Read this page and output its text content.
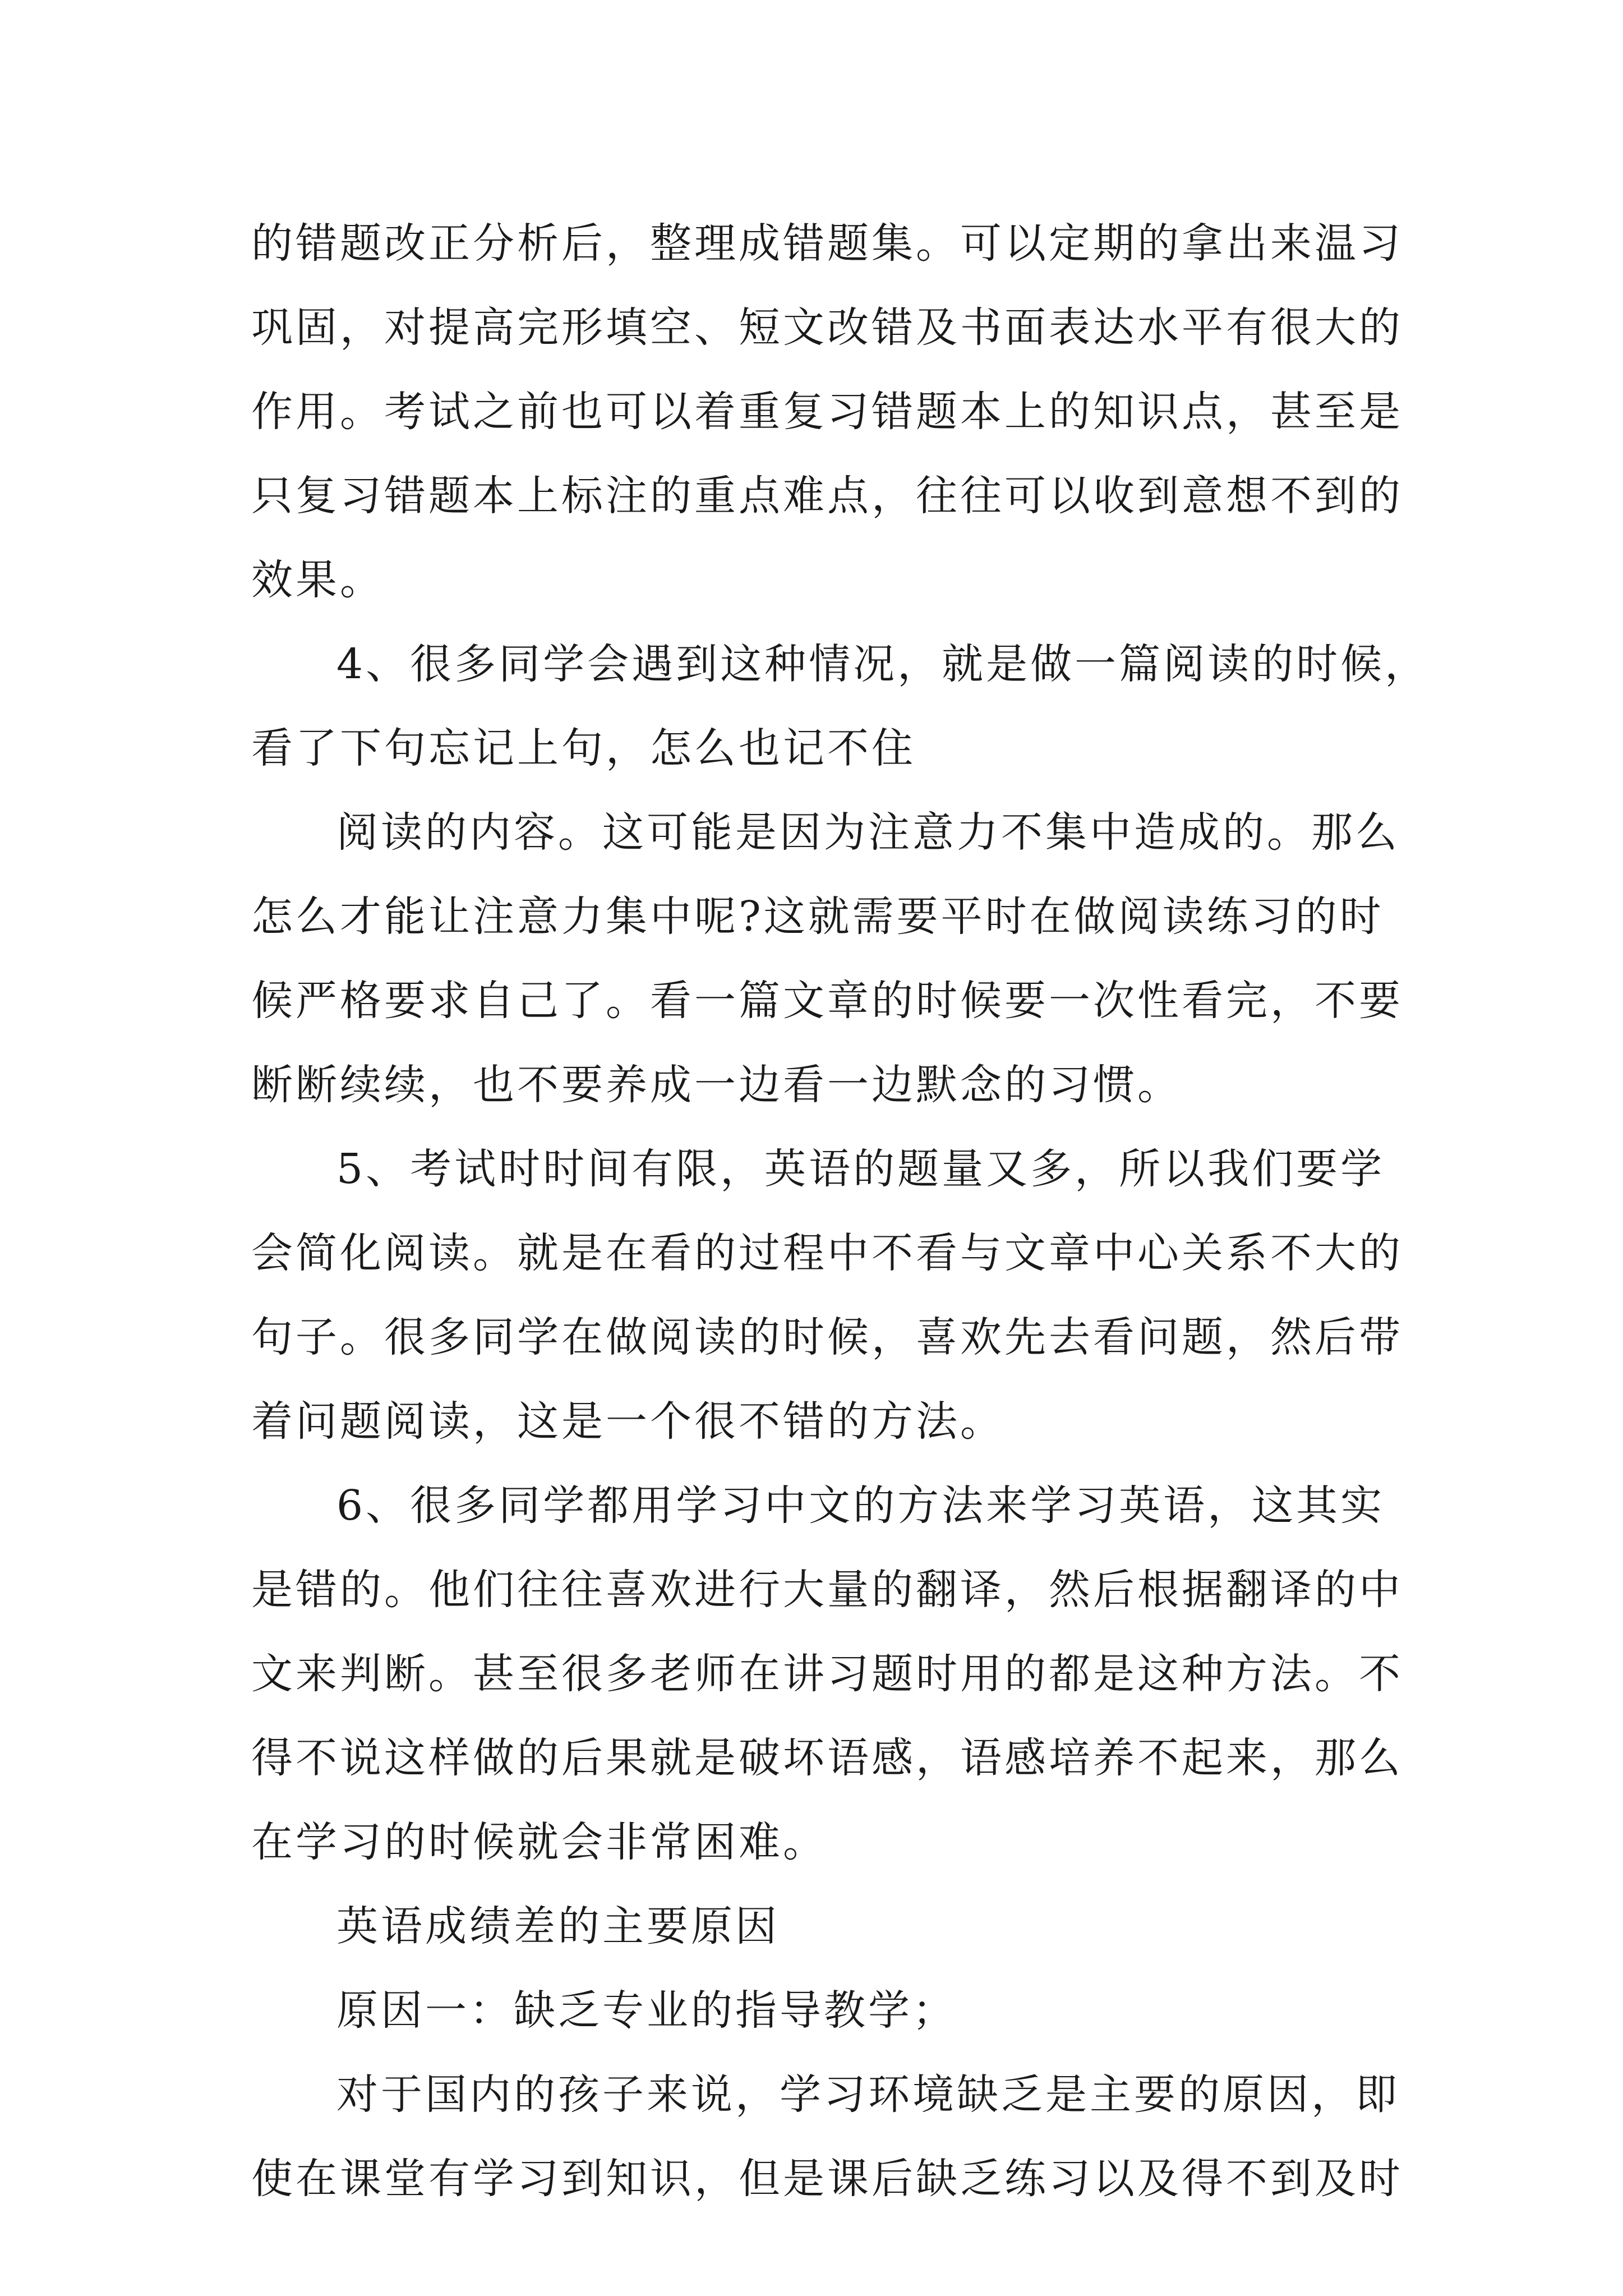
的错题改正分析后，整理成错题集。可以定期的拿出来温习
巩固，对提高完形填空、短文改错及书面表达水平有很大的
作用。考试之前也可以着重复习错题本上的知识点，甚至是
只复习错题本上标注的重点难点，往往可以收到意想不到的
效果。
4、很多同学会遇到这种情况，就是做一篇阅读的时候，
看了下句忘记上句，怎么也记不住
阅读的内容。这可能是因为注意力不集中造成的。那么
怎么才能让注意力集中呢?这就需要平时在做阅读练习的时
候严格要求自己了。看一篇文章的时候要一次性看完，不要
断断续续，也不要养成一边看一边默念的习惯。
5、考试时时间有限，英语的题量又多，所以我们要学
会简化阅读。就是在看的过程中不看与文章中心关系不大的
句子。很多同学在做阅读的时候，喜欢先去看问题，然后带
着问题阅读，这是一个很不错的方法。
6、很多同学都用学习中文的方法来学习英语，这其实
是错的。他们往往喜欢进行大量的翻译，然后根据翻译的中
文来判断。甚至很多老师在讲习题时用的都是这种方法。不
得不说这样做的后果就是破坏语感，语感培养不起来，那么
在学习的时候就会非常困难。
英语成绩差的主要原因
原因一：缺乏专业的指导教学；
对于国内的孩子来说，学习环境缺乏是主要的原因，即
使在课堂有学习到知识，但是课后缺乏练习以及得不到及时
